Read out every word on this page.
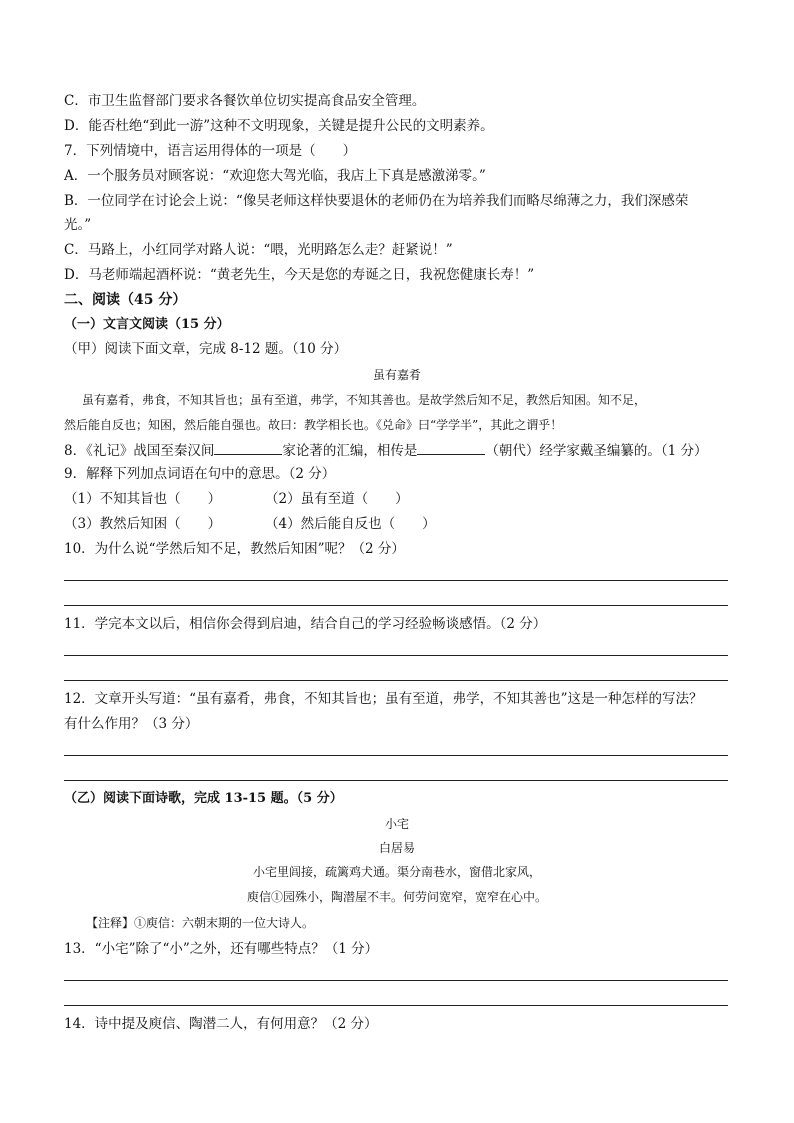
C．市卫生监督部门要求各餐饮单位切实提高食品安全管理。
D．能否杜绝“到此一游”这种不文明现象，关键是提升公民的文明素养。
7．下列情境中，语言运用得体的一项是（　　）
A．一个服务员对顾客说：“欢迎您大驾光临，我店上下真是感激涕零。”
B．一位同学在讨论会上说：“像吴老师这样快要退休的老师仍在为培养我们而略尽绵薄之力，我们深感荣
光。”
C．马路上，小红同学对路人说：“喂，光明路怎么走？赶紧说！”
D．马老师端起酒杯说：“黄老先生，今天是您的寿诞之日，我祝您健康长寿！”
二、阅读（45 分）
（一）文言文阅读（15 分）
（甲）阅读下面文章，完成 8-12 题。（10 分）
虽有嘉肴
虽有嘉肴，弗食，不知其旨也；虽有至道，弗学，不知其善也。是故学然后知不足，教然后知困。知不足，
然后能自反也；知困，然后能自强也。故曰：教学相长也。《兑命》曰“学学半”，其此之谓乎！
8．《礼记》战国至秦汉间	家论著的汇编，相传是	（朝代）经学家戴圣编纂的。（1 分）
9．解释下列加点词语在句中的意思。（2 分）
（1）不知其旨也（　　）	（2）虽有至道（　　）
（3）教然后知困（　　）	（4）然后能自反也（　　）
10．为什么说“学然后知不足，教然后知困”呢？（2 分）
11．学完本文以后，相信你会得到启迪，结合自己的学习经验畅谈感悟。（2 分）
12．文章开头写道：“虽有嘉肴，弗食，不知其旨也；虽有至道，弗学，不知其善也”这是一种怎样的写法？
有什么作用？（3 分）
（乙）阅读下面诗歌，完成 13-15 题。（5 分）
小宅
白居易
小宅里闾接，疏篱鸡犬通。渠分南巷水，窗借北家风，
庾信①园殊小，陶潜屋不丰。何劳问宽窄，宽窄在心中。
【注释】①庾信：六朝末期的一位大诗人。
13．“小宅”除了“小”之外，还有哪些特点？（1 分）
14．诗中提及庾信、陶潜二人，有何用意？（2 分）
